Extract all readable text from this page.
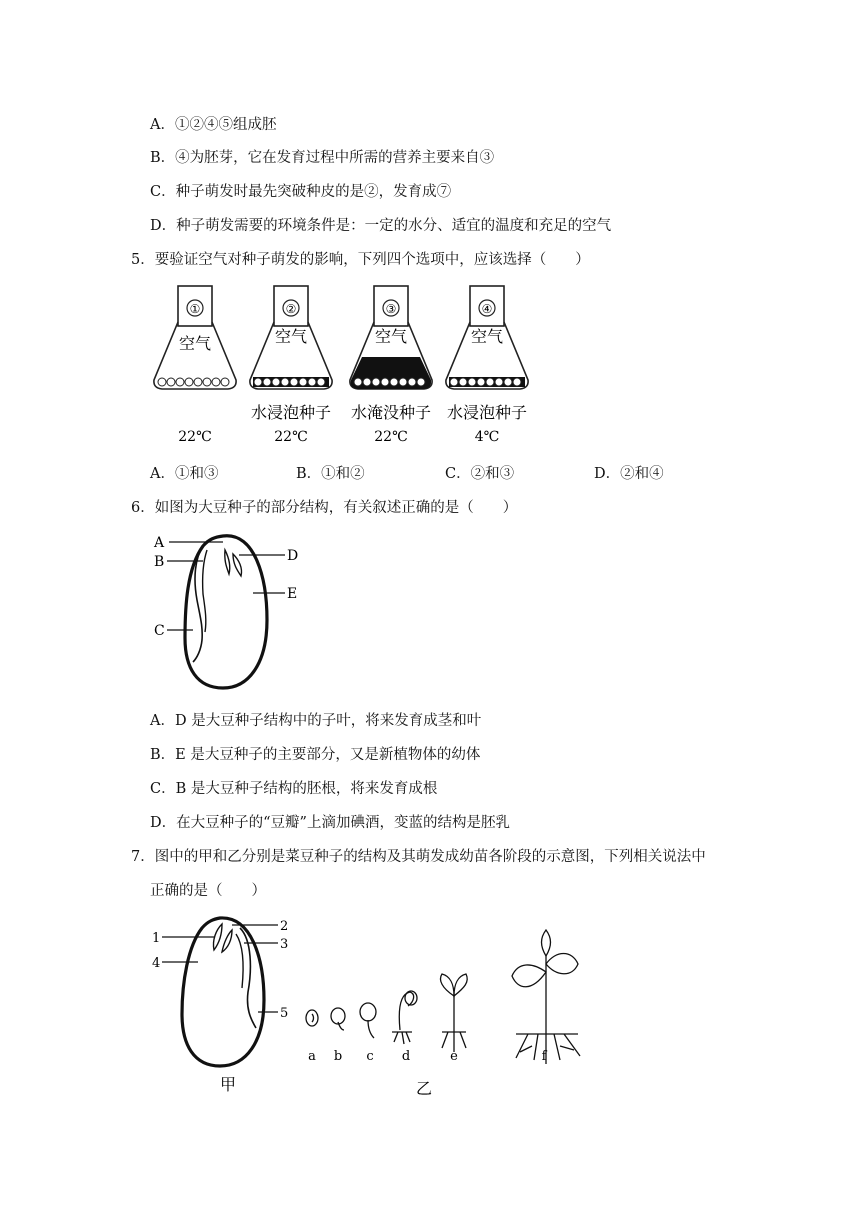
A．①②④⑤组成胚
B．④为胚芽，它在发育过程中所需的营养主要来自③
C．种子萌发时最先突破种皮的是②，发育成⑦
D．种子萌发需要的环境条件是：一定的水分、适宜的温度和充足的空气
5．要验证空气对种子萌发的影响，下列四个选项中，应该选择（　　）
①
空气
22℃
②
空气
水浸泡种子
22℃
③
空气
水淹没种子
22℃
④
空气
水浸泡种子
4℃
A．①和③	B．①和②	C．②和③	D．②和④
6．如图为大豆种子的部分结构，有关叙述正确的是（　　）
A
B
C
D
E
A．D 是大豆种子结构中的子叶，将来发育成茎和叶
B．E 是大豆种子的主要部分，又是新植物体的幼体
C．B 是大豆种子结构的胚根，将来发育成根
D．在大豆种子的“豆瓣”上滴加碘酒，变蓝的结构是胚乳
7．图中的甲和乙分别是菜豆种子的结构及其萌发成幼苗各阶段的示意图，下列相关说法中
正确的是（　　）
1
2
3
4
5
甲
a b c d	e	f
乙
